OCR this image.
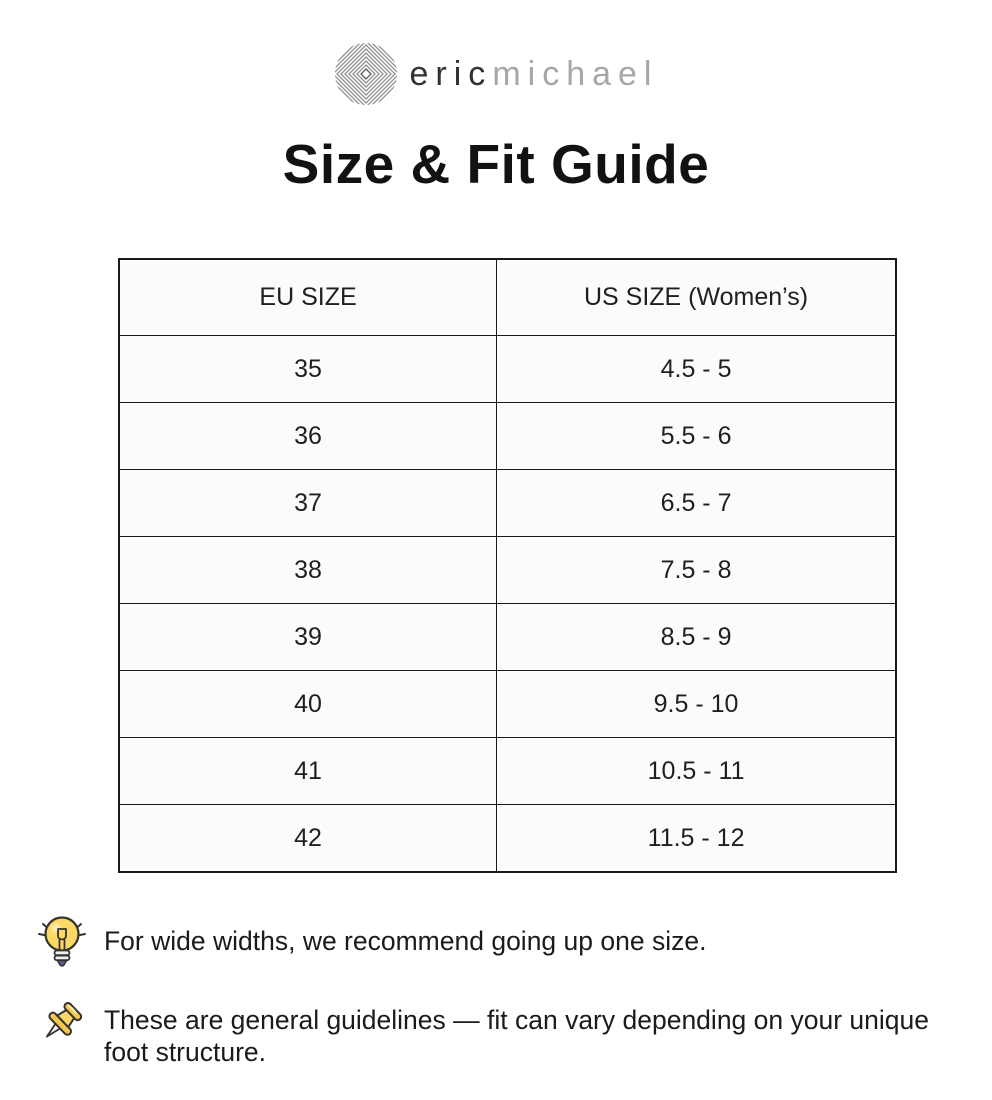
ericmichael
Size & Fit Guide
EU SIZE	US SIZE (Women’s)
35	4.5 - 5
36	5.5 - 6
37	6.5 - 7
38	7.5 - 8
39	8.5 - 9
40	9.5 - 10
41	10.5 - 11
42	11.5 - 12
For wide widths, we recommend going up one size.
These are general guidelines — fit can vary depending on your unique foot structure.
